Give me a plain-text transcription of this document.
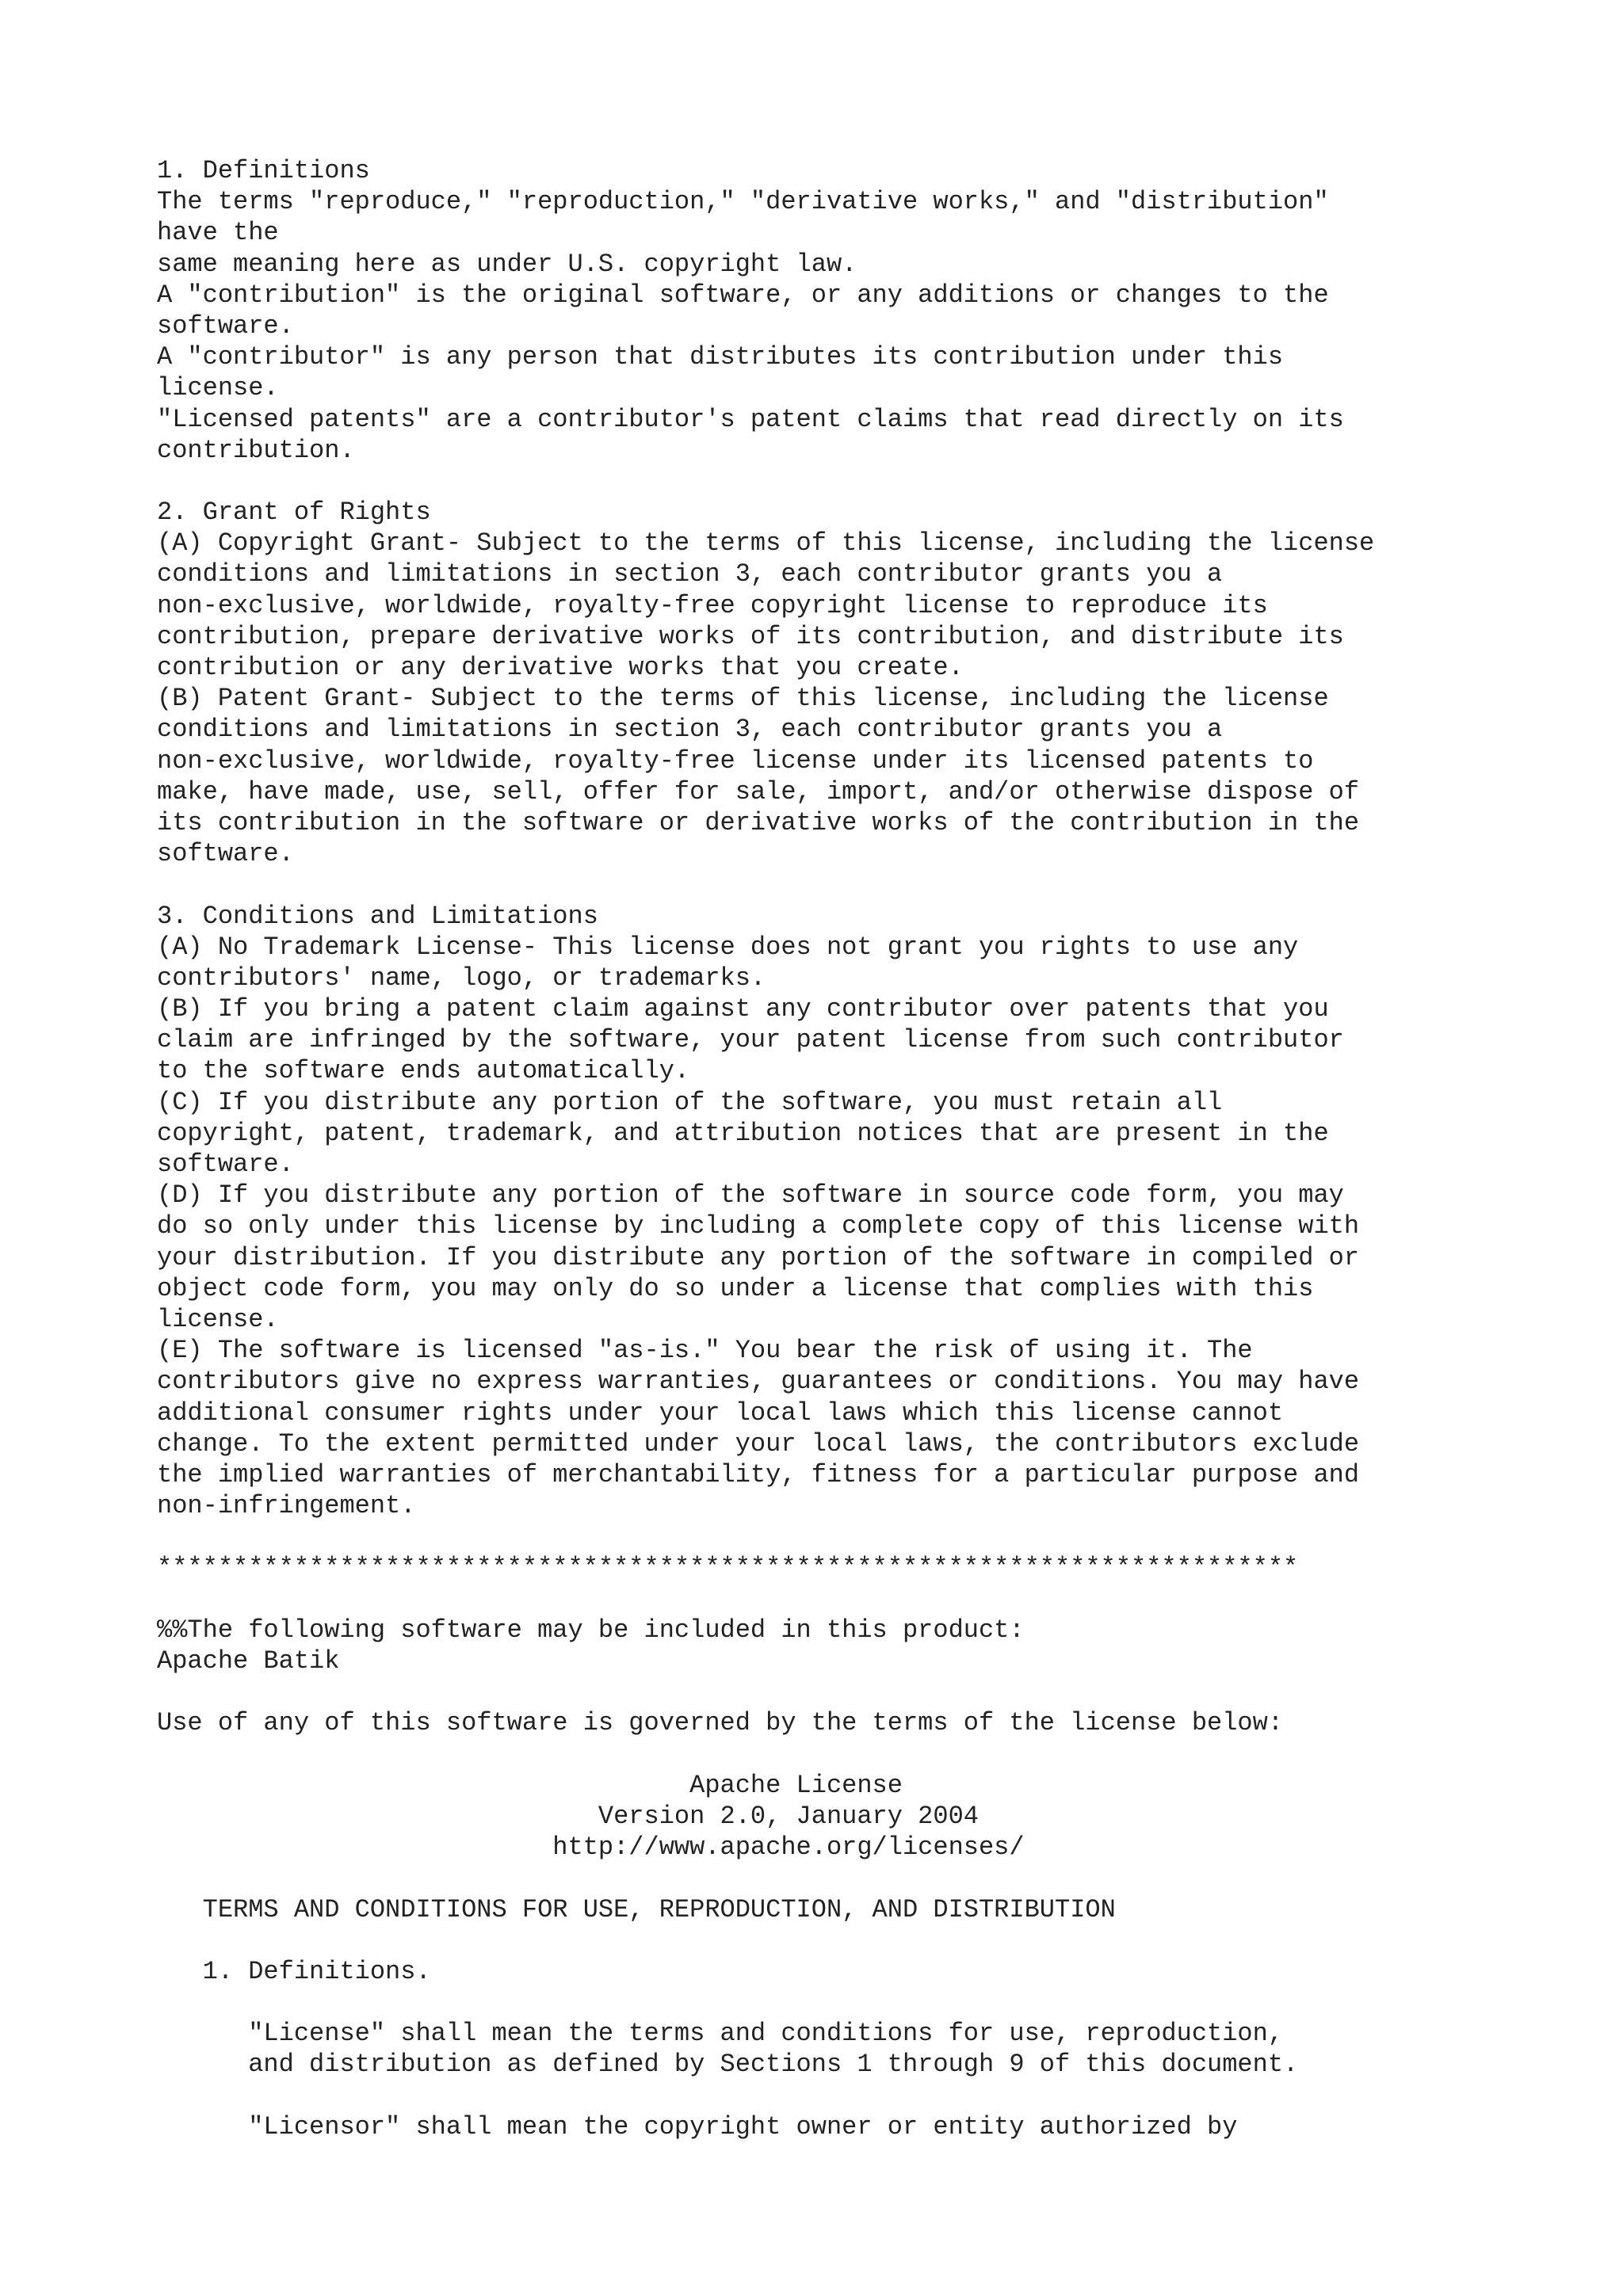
1. Definitions
The terms "reproduce," "reproduction," "derivative works," and "distribution"
have the
same meaning here as under U.S. copyright law.
A "contribution" is the original software, or any additions or changes to the
software.
A "contributor" is any person that distributes its contribution under this
license.
"Licensed patents" are a contributor's patent claims that read directly on its
contribution.
2. Grant of Rights
(A) Copyright Grant- Subject to the terms of this license, including the license
conditions and limitations in section 3, each contributor grants you a
non-exclusive, worldwide, royalty-free copyright license to reproduce its
contribution, prepare derivative works of its contribution, and distribute its
contribution or any derivative works that you create.
(B) Patent Grant- Subject to the terms of this license, including the license
conditions and limitations in section 3, each contributor grants you a
non-exclusive, worldwide, royalty-free license under its licensed patents to
make, have made, use, sell, offer for sale, import, and/or otherwise dispose of
its contribution in the software or derivative works of the contribution in the
software.
3. Conditions and Limitations
(A) No Trademark License- This license does not grant you rights to use any
contributors' name, logo, or trademarks.
(B) If you bring a patent claim against any contributor over patents that you
claim are infringed by the software, your patent license from such contributor
to the software ends automatically.
(C) If you distribute any portion of the software, you must retain all
copyright, patent, trademark, and attribution notices that are present in the
software.
(D) If you distribute any portion of the software in source code form, you may
do so only under this license by including a complete copy of this license with
your distribution. If you distribute any portion of the software in compiled or
object code form, you may only do so under a license that complies with this
license.
(E) The software is licensed "as-is." You bear the risk of using it. The
contributors give no express warranties, guarantees or conditions. You may have
additional consumer rights under your local laws which this license cannot
change. To the extent permitted under your local laws, the contributors exclude
the implied warranties of merchantability, fitness for a particular purpose and
non-infringement.
***************************************************************************
%%The following software may be included in this product:
Apache Batik
Use of any of this software is governed by the terms of the license below:
Apache License
Version 2.0, January 2004
http://www.apache.org/licenses/
TERMS AND CONDITIONS FOR USE, REPRODUCTION, AND DISTRIBUTION
1. Definitions.
"License" shall mean the terms and conditions for use, reproduction,
and distribution as defined by Sections 1 through 9 of this document.
"Licensor" shall mean the copyright owner or entity authorized by
